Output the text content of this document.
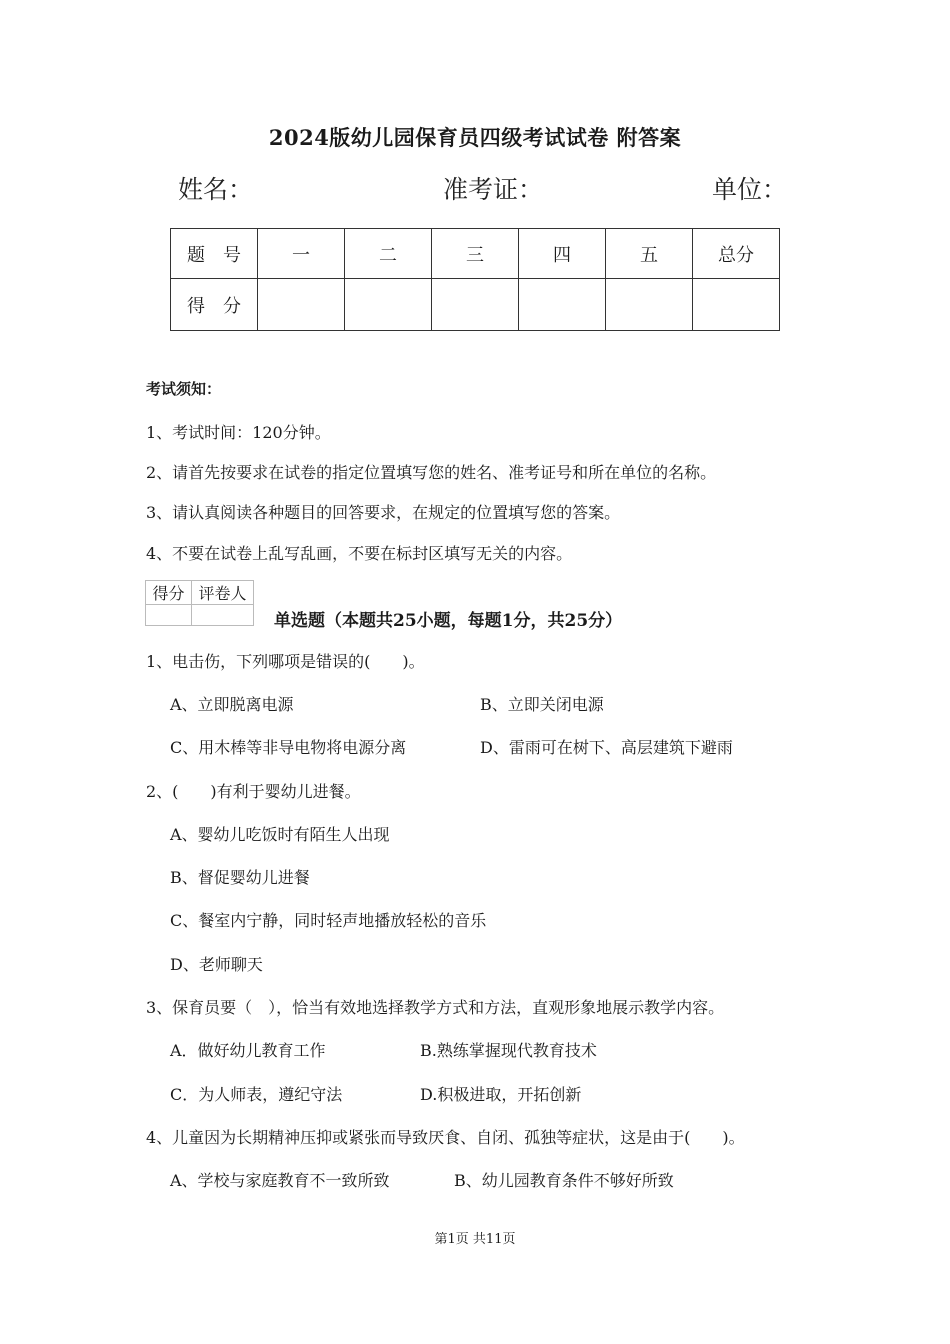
2024版幼儿园保育员四级考试试卷 附答案
姓名：	准考证：	单位：
题　号	一	二	三	四	五	总分
得　分						
考试须知：
1、考试时间：120分钟。
2、请首先按要求在试卷的指定位置填写您的姓名、准考证号和所在单位的名称。
3、请认真阅读各种题目的回答要求，在规定的位置填写您的答案。
4、不要在试卷上乱写乱画，不要在标封区填写无关的内容。
得分	评卷人

单选题（本题共25小题，每题1分，共25分）
1、电击伤，下列哪项是错误的(　　)。
A、立即脱离电源	B、立即关闭电源
C、用木棒等非导电物将电源分离	D、雷雨可在树下、高层建筑下避雨
2、(　　)有利于婴幼儿进餐。
A、婴幼儿吃饭时有陌生人出现
B、督促婴幼儿进餐
C、餐室内宁静，同时轻声地播放轻松的音乐
D、老师聊天
3、保育员要（　），恰当有效地选择教学方式和方法，直观形象地展示教学内容。
A．做好幼儿教育工作	B.熟练掌握现代教育技术
C．为人师表，遵纪守法	D.积极进取，开拓创新
4、儿童因为长期精神压抑或紧张而导致厌食、自闭、孤独等症状，这是由于(　　)。
A、学校与家庭教育不一致所致	B、幼儿园教育条件不够好所致
第1页 共11页
